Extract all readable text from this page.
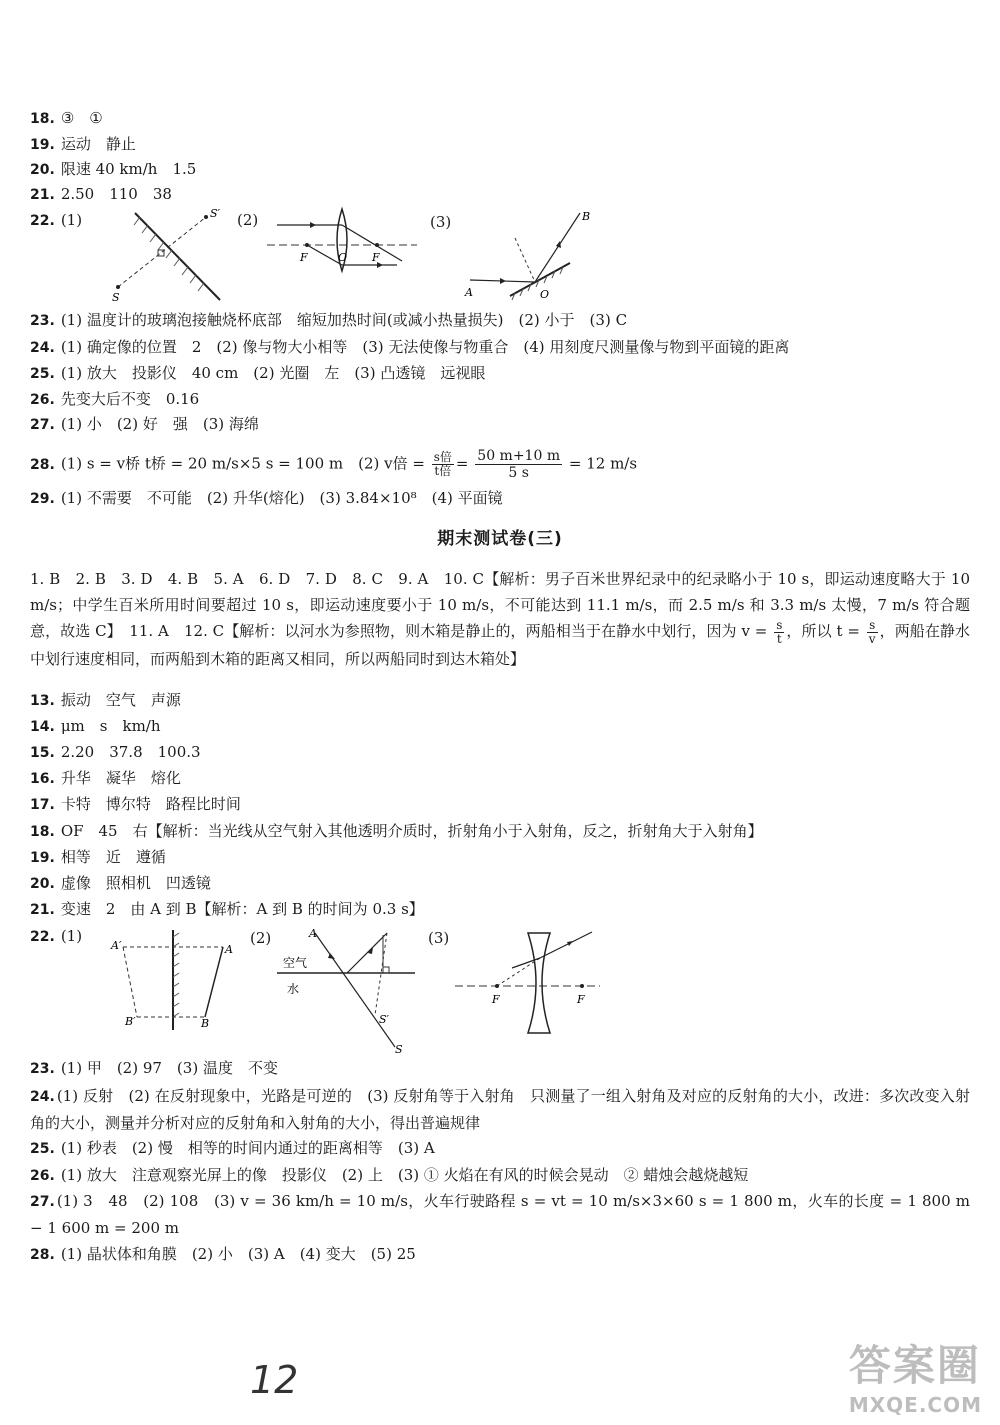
18. ③　①
19. 运动　静止
20. 限速 40 km/h　1.5
21. 2.50　110　38
22. (1)	(2)	(3)
S′
S
F	O F
A	O
B
23. (1) 温度计的玻璃泡接触烧杯底部　缩短加热时间(或减小热量损失)　(2) 小于　(3) C
24. (1) 确定像的位置　2　(2) 像与物大小相等　(3) 无法使像与物重合　(4) 用刻度尺测量像与物到平面镜的距离
25. (1) 放大　投影仪　40 cm　(2) 光圈　左　(3) 凸透镜　远视眼
26. 先变大后不变　0.16
27. (1) 小　(2) 好　强　(3) 海绵
28. (1) s = v桥 t桥 = 20 m/s×5 s = 100 m　(2) v倍 = $\frac{\text{s倍}}{\text{t倍}} = \frac{50 m+10 m}{5 s} = 12$ m/s
29. (1) 不需要　不可能　(2) 升华(熔化)　(3) 3.84×10⁸　(4) 平面镜
期末测试卷(三)
1. B　2. B　3. D　4. B　5. A　6. D　7. D　8. C　9. A　10. C【解析：男子百米世界纪录中的纪录略小于 10 s，即运动速度略大于 10 m/s；中学生百米所用时间要超过 10 s，即运动速度要小于 10 m/s，不可能达到 11.1 m/s，而 2.5 m/s 和 3.3 m/s 太慢，7 m/s 符合题意，故选 C】　11. A　12. C【解析：以河水为参照物，则木箱是静止的，两船相当于在静水中划行，因为 $v = \frac{s}{t}$ ，所以 $t = \frac{s}{v}$ ，两船在静水中划行速度相同，而两船到木箱的距离又相同，所以两船同时到达木箱处】
13. 振动　空气　声源
14. μm　s　km/h
15. 2.20　37.8　100.3
16. 升华　凝华　熔化
17. 卡特　博尔特　路程比时间
18. OF　45　右【解析：当光线从空气射入其他透明介质时，折射角小于入射角，反之，折射角大于入射角】
19. 相等　近　遵循
20. 虚像　照相机　凹透镜
21. 变速　2　由 A 到 B【解析：A 到 B 的时间为 0.3 s】
22. (1)	(2)	(3)
A′	A
B′	B
空气
水
A
S′
S
F	F
23. (1) 甲　(2) 97　(3) 温度　不变
24. (1) 反射　(2) 在反射现象中，光路是可逆的　(3) 反射角等于入射角　只测量了一组入射角及对应的反射角的大小，改进：多次改变入射角的大小，测量并分析对应的反射角和入射角的大小，得出普遍规律
25. (1) 秒表　(2) 慢　相等的时间内通过的距离相等　(3) A
26. (1) 放大　注意观察光屏上的像　投影仪　(2) 上　(3) ① 火焰在有风的时候会晃动　② 蜡烛会越烧越短
27. (1) 3　48　(2) 108　(3) v = 36 km/h = 10 m/s，火车行驶路程 s = vt = 10 m/s×3×60 s = 1 800 m，火车的长度 = 1 800 m − 1 600 m = 200 m
28. (1) 晶状体和角膜　(2) 小　(3) A　(4) 变大　(5) 25
12	答案圈
MXQE.COM
